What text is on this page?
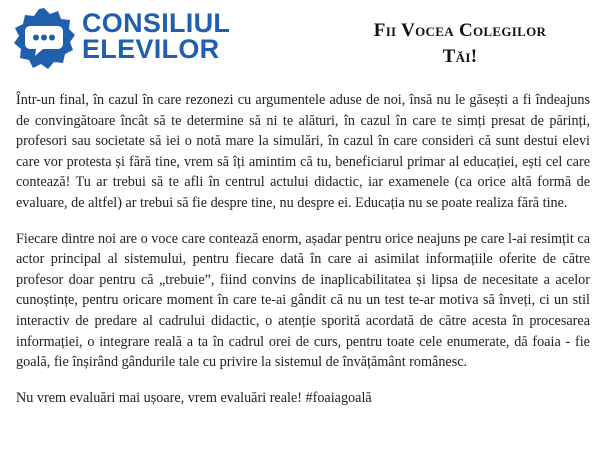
CONSILIUL
ELEVILOR
Fii Vocea Colegilor
Tăi!

Într-un final, în cazul în care rezonezi cu argumentele aduse de noi, însă nu le găsești a fi îndeajuns de convingătoare încât să te determine să ni te alături, în cazul în care te simți presat de părinți, profesori sau societate să iei o notă mare la simulări, în cazul în care consideri că sunt destui elevi care vor protesta și fără tine, vrem să îți amintim că tu, beneficiarul primar al educației, ești cel care contează! Tu ar trebui să te afli în centrul actului didactic, iar examenele (ca orice altă formă de evaluare, de altfel) ar trebui să fie despre tine, nu despre ei. Educația nu se poate realiza fără tine.

Fiecare dintre noi are o voce care contează enorm, așadar pentru orice neajuns pe care l-ai resimțit ca actor principal al sistemului, pentru fiecare dată în care ai asimilat informațiile oferite de către profesor doar pentru că „trebuie”, fiind convins de inaplicabilitatea și lipsa de necesitate a acelor cunoștințe, pentru oricare moment în care te-ai gândit că nu un test te-ar motiva să înveți, ci un stil interactiv de predare al cadrului didactic, o atenție sporită acordată de către acesta în procesarea informației, o integrare reală a ta în cadrul orei de curs, pentru toate cele enumerate, dă foaia - fie goală, fie înșirând gândurile tale cu privire la sistemul de învățământ românesc.

Nu vrem evaluări mai ușoare, vrem evaluări reale! #foaiagoală
